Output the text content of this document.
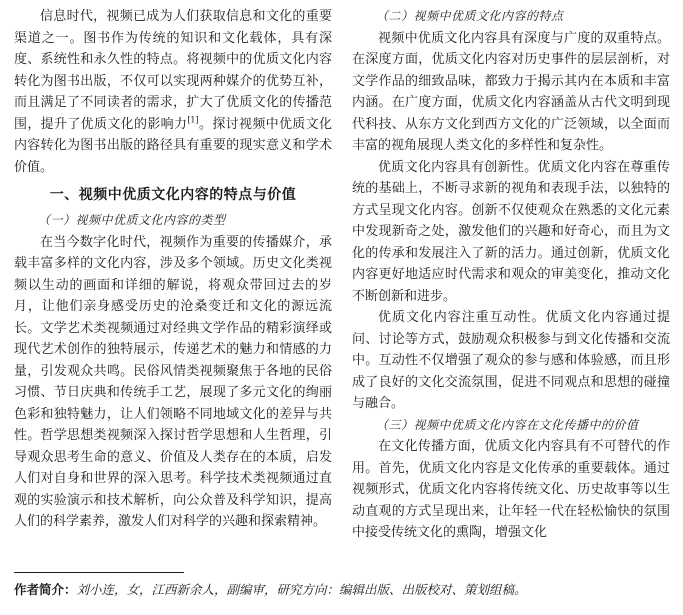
信息时代，视频已成为人们获取信息和文化的重要渠道之一。图书作为传统的知识和文化载体，具有深度、系统性和永久性的特点。将视频中的优质文化内容转化为图书出版，不仅可以实现两种媒介的优势互补，而且满足了不同读者的需求，扩大了优质文化的传播范围，提升了优质文化的影响力[1]。探讨视频中优质文化内容转化为图书出版的路径具有重要的现实意义和学术价值。

一、视频中优质文化内容的特点与价值
（一）视频中优质文化内容的类型

在当今数字化时代，视频作为重要的传播媒介，承载丰富多样的文化内容，涉及多个领域。历史文化类视频以生动的画面和详细的解说，将观众带回过去的岁月，让他们亲身感受历史的沧桑变迁和文化的源远流长。文学艺术类视频通过对经典文学作品的精彩演绎或现代艺术创作的独特展示，传递艺术的魅力和情感的力量，引发观众共鸣。民俗风情类视频聚焦于各地的民俗习惯、节日庆典和传统手工艺，展现了多元文化的绚丽色彩和独特魅力，让人们领略不同地域文化的差异与共性。哲学思想类视频深入探讨哲学思想和人生哲理，引导观众思考生命的意义、价值及人类存在的本质，启发人们对自身和世界的深入思考。科学技术类视频通过直观的实验演示和技术解析，向公众普及科学知识，提高人们的科学素养，激发人们对科学的兴趣和探索精神。

（二）视频中优质文化内容的特点

视频中优质文化内容具有深度与广度的双重特点。在深度方面，优质文化内容对历史事件的层层剖析，对文学作品的细致品味，都致力于揭示其内在本质和丰富内涵。在广度方面，优质文化内容涵盖从古代文明到现代科技、从东方文化到西方文化的广泛领域，以全面而丰富的视角展现人类文化的多样性和复杂性。

优质文化内容具有创新性。优质文化内容在尊重传统的基础上，不断寻求新的视角和表现手法，以独特的方式呈现文化内容。创新不仅使观众在熟悉的文化元素中发现新奇之处，激发他们的兴趣和好奇心，而且为文化的传承和发展注入了新的活力。通过创新，优质文化内容更好地适应时代需求和观众的审美变化，推动文化不断创新和进步。

优质文化内容注重互动性。优质文化内容通过提问、讨论等方式，鼓励观众积极参与到文化传播和交流中。互动性不仅增强了观众的参与感和体验感，而且形成了良好的文化交流氛围，促进不同观点和思想的碰撞与融合。

（三）视频中优质文化内容在文化传播中的价值

在文化传播方面，优质文化内容具有不可替代的作用。首先，优质文化内容是文化传承的重要载体。通过视频形式，优质文化内容将传统文化、历史故事等以生动直观的方式呈现出来，让年轻一代在轻松愉快的氛围中接受传统文化的熏陶，增强文化

作者简介：刘小连，女，江西新余人，副编审，研究方向：编辑出版、出版校对、策划组稿。
